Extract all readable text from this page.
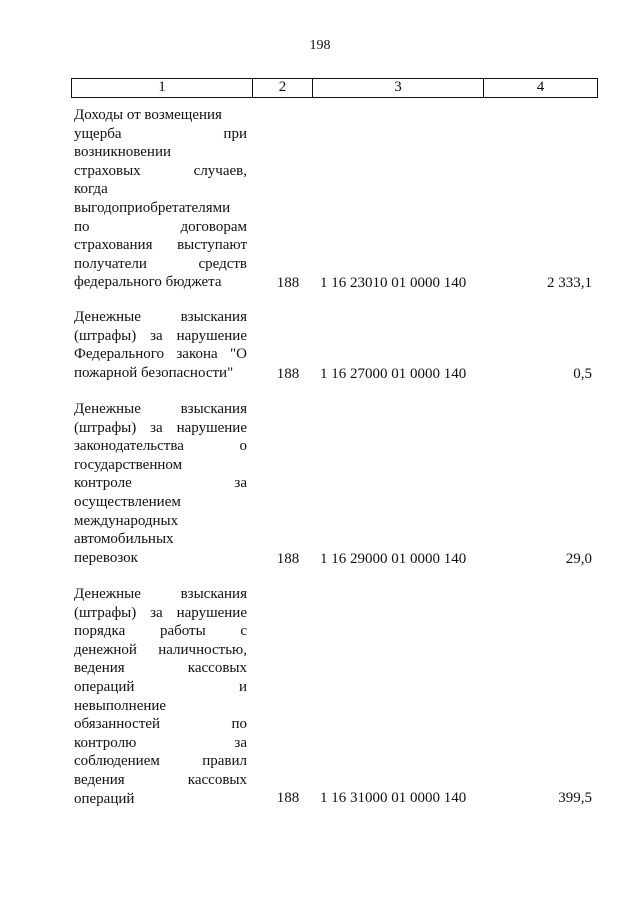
198
1	2	3	4
Доходы от возмещения
ущерба при
возникновении
страховых случаев,
когда
выгодоприобретателями
по договорам
страхования выступают
получатели средств
федерального бюджета	188 1 16 23010 01 0000 140	2 333,1
Денежные взыскания
(штрафы) за нарушение
Федерального закона "О
пожарной безопасности"	188 1 16 27000 01 0000 140	0,5
Денежные взыскания
(штрафы) за нарушение
законодательства о
государственном
контроле за
осуществлением
международных
автомобильных
перевозок	188 1 16 29000 01 0000 140	29,0
Денежные взыскания
(штрафы) за нарушение
порядка работы с
денежной наличностью,
ведения кассовых
операций и
невыполнение
обязанностей по
контролю за
соблюдением правил
ведения кассовых
операций	188 1 16 31000 01 0000 140	399,5
